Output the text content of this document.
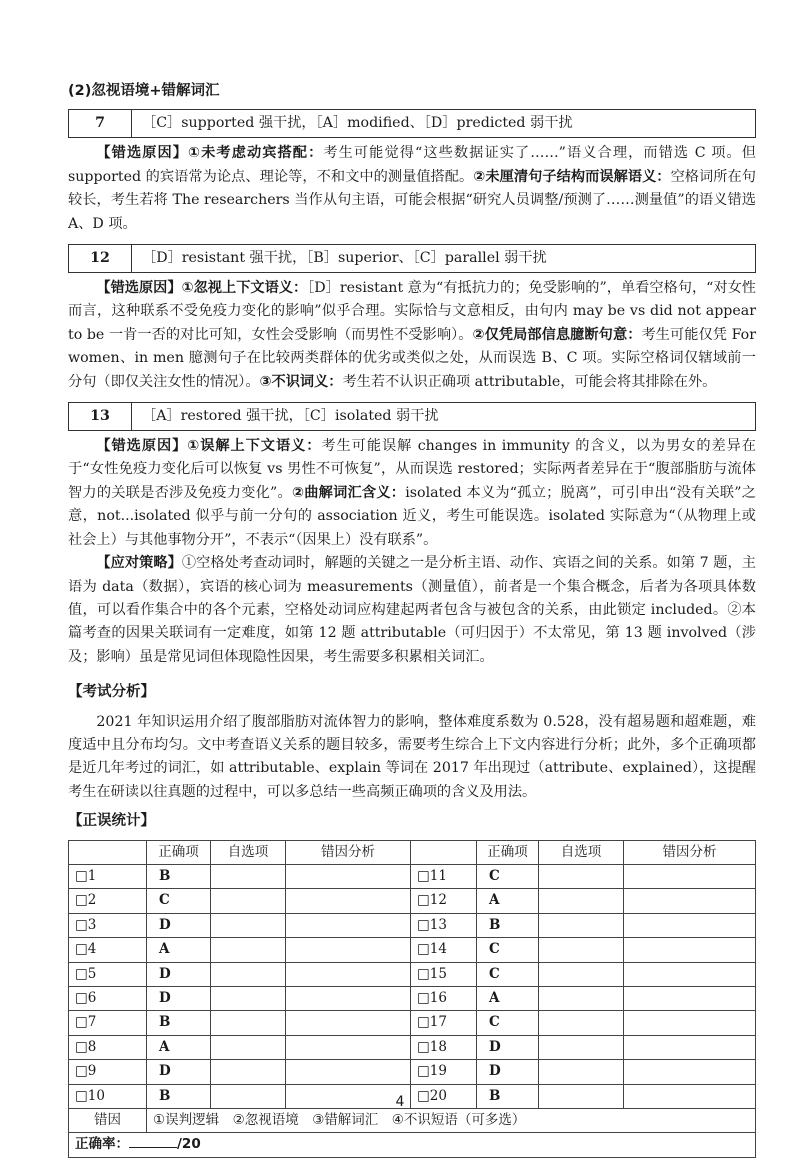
(2)忽视语境+错解词汇
7	［C］supported 强干扰，［A］modified、［D］predicted 弱干扰

【错选原因】①未考虑动宾搭配：考生可能觉得“这些数据证实了……”语义合理，而错选 C 项。但 supported 的宾语常为论点、理论等，不和文中的测量值搭配。②未厘清句子结构而误解语义：空格词所在句较长，考生若将 The researchers 当作从句主语，可能会根据“研究人员调整/预测了……测量值”的语义错选 A、D 项。

12	［D］resistant 强干扰，［B］superior、［C］parallel 弱干扰

【错选原因】①忽视上下文语义：［D］resistant 意为“有抵抗力的；免受影响的”，单看空格句，“对女性而言，这种联系不受免疫力变化的影响”似乎合理。实际恰与文意相反，由句内 may be vs did not appear to be 一肯一否的对比可知，女性会受影响（而男性不受影响）。②仅凭局部信息臆断句意：考生可能仅凭 For women、in men 臆测句子在比较两类群体的优劣或类似之处，从而误选 B、C 项。实际空格词仅辖域前一分句（即仅关注女性的情况）。③不识词义：考生若不认识正确项 attributable，可能会将其排除在外。

13	［A］restored 强干扰，［C］isolated 弱干扰

【错选原因】①误解上下文语义：考生可能误解 changes in immunity 的含义，以为男女的差异在于“女性免疫力变化后可以恢复 vs 男性不可恢复”，从而误选 restored；实际两者差异在于“腹部脂肪与流体智力的关联是否涉及免疫力变化”。②曲解词汇含义：isolated 本义为“孤立；脱离”，可引申出“没有关联”之意，not...isolated 似乎与前一分句的 association 近义，考生可能误选。isolated 实际意为“（从物理上或社会上）与其他事物分开”，不表示“（因果上）没有联系”。

【应对策略】①空格处考查动词时，解题的关键之一是分析主语、动作、宾语之间的关系。如第 7 题，主语为 data（数据），宾语的核心词为 measurements（测量值），前者是一个集合概念，后者为各项具体数值，可以看作集合中的各个元素，空格处动词应构建起两者包含与被包含的关系，由此锁定 included。②本篇考查的因果关联词有一定难度，如第 12 题 attributable（可归因于）不太常见，第 13 题 involved（涉及；影响）虽是常见词但体现隐性因果，考生需要多积累相关词汇。

【考试分析】

2021 年知识运用介绍了腹部脂肪对流体智力的影响，整体难度系数为 0.528，没有超易题和超难题，难度适中且分布均匀。文中考查语义关系的题目较多，需要考生综合上下文内容进行分析；此外，多个正确项都是近几年考过的词汇，如 attributable、explain 等词在 2017 年出现过（attribute、explained），这提醒考生在研读以往真题的过程中，可以多总结一些高频正确项的含义及用法。

【正误统计】
	正确项	自选项	错因分析		正确项	自选项	错因分析
□1	B			□11	C		
□2	C			□12	A		
□3	D			□13	B		
□4	A			□14	C		
□5	D			□15	C		
□6	D			□16	A		
□7	B			□17	C		
□8	A			□18	D		
□9	D			□19	D		
□10	B			□20	B		
错因	①误判逻辑　②忽视语境　③错解词汇　④不识短语（可多选）						
正确率： /20							
4
